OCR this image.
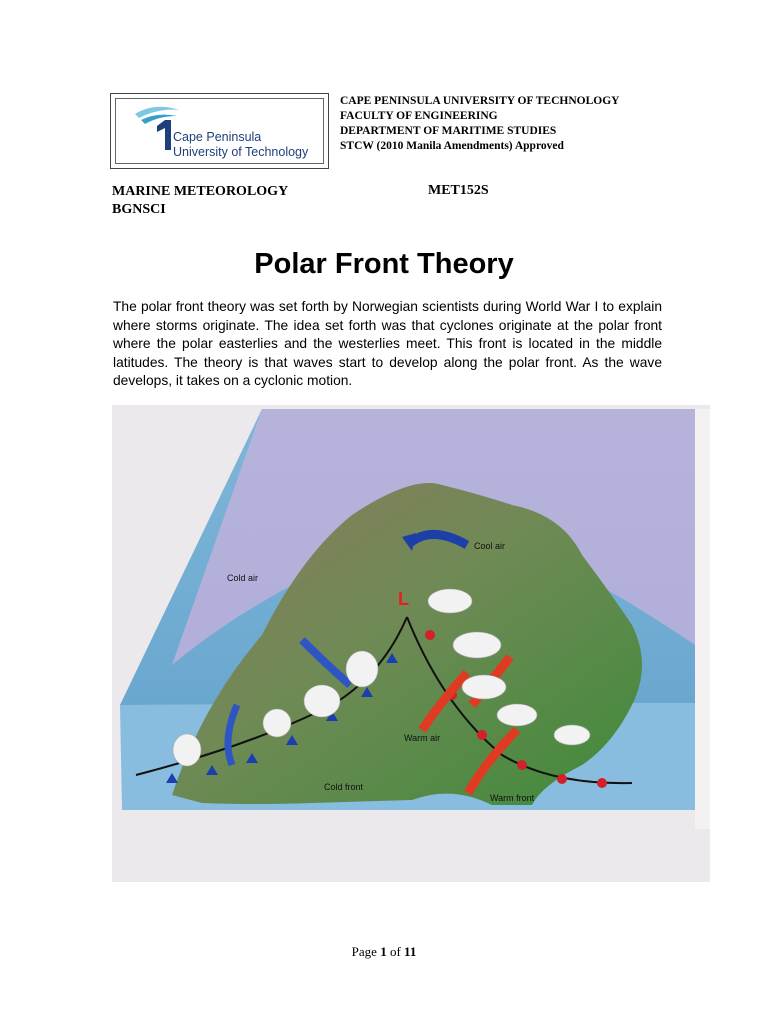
Cape Peninsula
University of Technology
CAPE PENINSULA UNIVERSITY OF TECHNOLOGY
FACULTY OF ENGINEERING
DEPARTMENT OF MARITIME STUDIES
STCW (2010 Manila Amendments) Approved
MARINE METEOROLOGY
BGNSCI
MET152S
Polar Front Theory

The polar front theory was set forth by Norwegian scientists during World War I to explain where storms originate. The idea set forth was that cyclones originate at the polar front where the polar easterlies and the westerlies meet. This front is located in the middle latitudes. The theory is that waves start to develop along the polar front. As the wave develops, it takes on a cyclonic motion.

Cold air
Cool air
L
Warm air
Cold front
Warm front
Page 1 of 11
